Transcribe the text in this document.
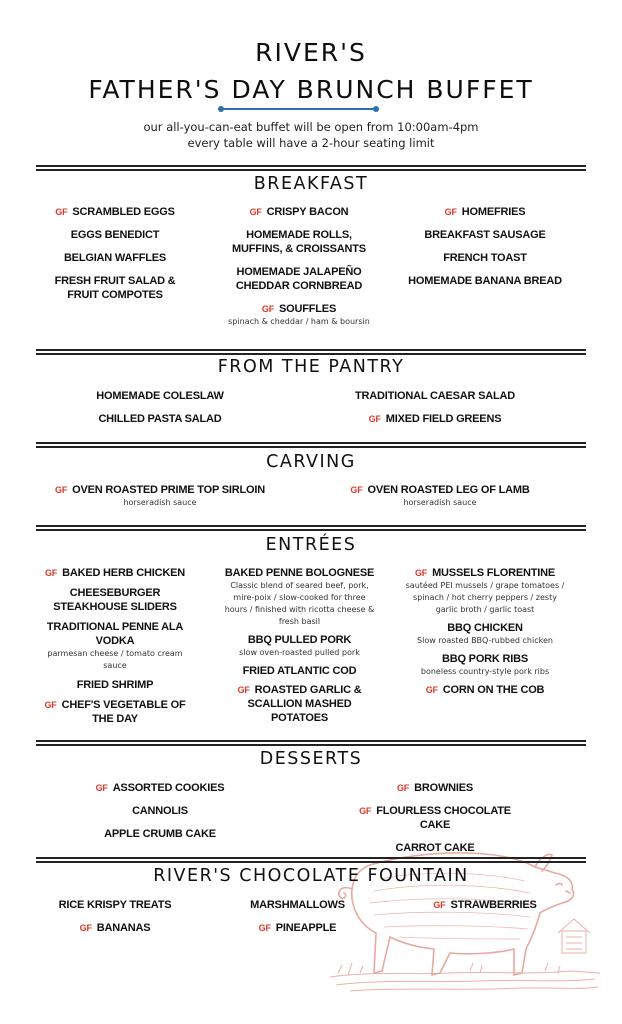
RIVER'S
FATHER'S DAY BRUNCH BUFFET
our all-you-can-eat buffet will be open from 10:00am-4pm
every table will have a 2-hour seating limit
BREAKFAST
GF SCRAMBLED EGGS
EGGS BENEDICT
BELGIAN WAFFLES
FRESH FRUIT SALAD & FRUIT COMPOTES
GF CRISPY BACON
HOMEMADE ROLLS, MUFFINS, & CROISSANTS
HOMEMADE JALAPEÑO CHEDDAR CORNBREAD
GF SOUFFLES
spinach & cheddar / ham & boursin
GF HOMEFRIES
BREAKFAST SAUSAGE
FRENCH TOAST
HOMEMADE BANANA BREAD
FROM THE PANTRY
HOMEMADE COLESLAW
CHILLED PASTA SALAD
TRADITIONAL CAESAR SALAD
GF MIXED FIELD GREENS
CARVING
GF OVEN ROASTED PRIME TOP SIRLOIN
horseradish sauce
GF OVEN ROASTED LEG OF LAMB
horseradish sauce
ENTRÉES
GF BAKED HERB CHICKEN
CHEESEBURGER STEAKHOUSE SLIDERS
TRADITIONAL PENNE ALA VODKA
parmesan cheese / tomato cream sauce
FRIED SHRIMP
GF CHEF'S VEGETABLE OF THE DAY
BAKED PENNE BOLOGNESE
Classic blend of seared beef, pork, mire-poix / slow-cooked for three hours / finished with ricotta cheese & fresh basil
BBQ PULLED PORK
slow oven-roasted pulled pork
FRIED ATLANTIC COD
GF ROASTED GARLIC & SCALLION MASHED POTATOES
GF MUSSELS FLORENTINE
sautéed PEI mussels / grape tomatoes / spinach / hot cherry peppers / zesty garlic broth / garlic toast
BBQ CHICKEN
Slow roasted BBQ-rubbed chicken
BBQ PORK RIBS
boneless country-style pork ribs
GF CORN ON THE COB
DESSERTS
GF ASSORTED COOKIES
CANNOLIS
APPLE CRUMB CAKE
GF BROWNIES
GF FLOURLESS CHOCOLATE CAKE
CARROT CAKE
RIVER'S CHOCOLATE FOUNTAIN
RICE KRISPY TREATS
GF BANANAS
MARSHMALLOWS
GF PINEAPPLE
GF STRAWBERRIES
